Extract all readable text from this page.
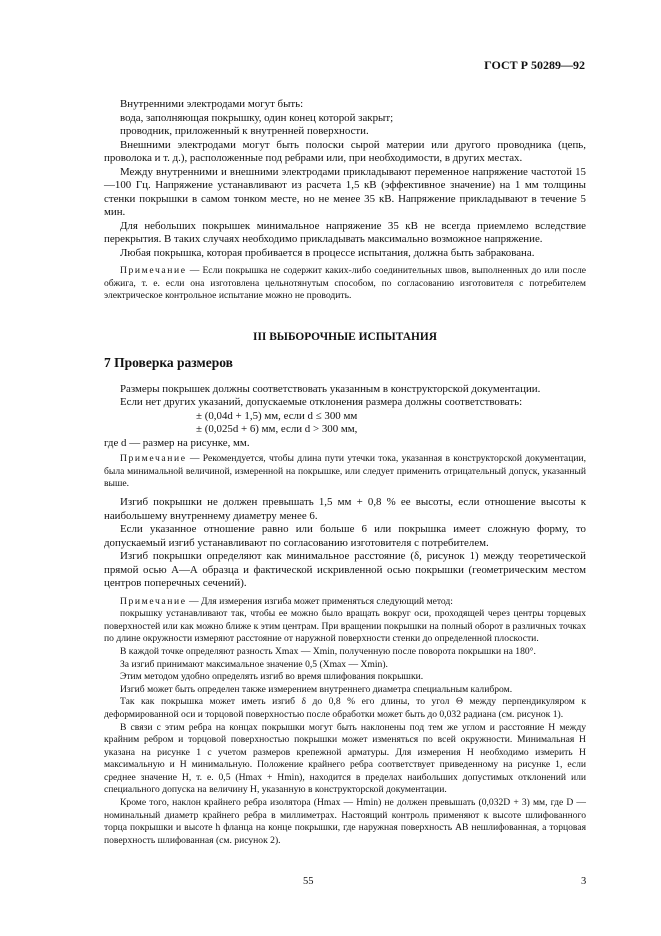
ГОСТ Р 50289—92

Внутренними электродами могут быть:

вода, заполняющая покрышку, один конец которой закрыт;

проводник, приложенный к внутренней поверхности.

Внешними электродами могут быть полоски сырой материи или другого проводника (цепь, проволока и т. д.), расположенные под ребрами или, при необходимости, в других местах.

Между внутренними и внешними электродами прикладывают переменное напряжение частотой 15—100 Гц. Напряжение устанавливают из расчета 1,5 кВ (эффективное значение) на 1 мм толщины стенки покрышки в самом тонком месте, но не менее 35 кВ. Напряжение прикладывают в течение 5 мин.

Для небольших покрышек минимальное напряжение 35 кВ не всегда приемлемо вследствие перекрытия. В таких случаях необходимо прикладывать максимально возможное напряжение.

Любая покрышка, которая пробивается в процессе испытания, должна быть забракована.

Примечание — Если покрышка не содержит каких-либо соединительных швов, выполненных до или после обжига, т. е. если она изготовлена цельнотянутым способом, по согласованию изготовителя с потребителем электрическое контрольное испытание можно не проводить.

III ВЫБОРОЧНЫЕ ИСПЫТАНИЯ
7 Проверка размеров

Размеры покрышек должны соответствовать указанным в конструкторской документации.

Если нет других указаний, допускаемые отклонения размера должны соответствовать:

± (0,04d + 1,5) мм, если d ≤ 300 мм

± (0,025d + 6) мм, если d > 300 мм,

где d — размер на рисунке, мм.

Примечание — Рекомендуется, чтобы длина пути утечки тока, указанная в конструкторской документации, была минимальной величиной, измеренной на покрышке, или следует применить отрицательный допуск, указанный выше.

Изгиб покрышки не должен превышать 1,5 мм + 0,8 % ее высоты, если отношение высоты к наибольшему внутреннему диаметру менее 6.

Если указанное отношение равно или больше 6 или покрышка имеет сложную форму, то допускаемый изгиб устанавливают по согласованию изготовителя с потребителем.

Изгиб покрышки определяют как минимальное расстояние (δ, рисунок 1) между теоретической прямой осью А—А образца и фактической искривленной осью покрышки (геометрическим местом центров поперечных сечений).

Примечание — Для измерения изгиба может применяться следующий метод:

покрышку устанавливают так, чтобы ее можно было вращать вокруг оси, проходящей через центры торцевых поверхностей или как можно ближе к этим центрам. При вращении покрышки на полный оборот в различных точках по длине окружности измеряют расстояние от наружной поверхности стенки до определенной плоскости.

В каждой точке определяют разность Xmax — Xmin, полученную после поворота покрышки на 180°.

За изгиб принимают максимальное значение 0,5 (Xmax — Xmin).

Этим методом удобно определять изгиб во время шлифования покрышки.

Изгиб может быть определен также измерением внутреннего диаметра специальным калибром.

Так как покрышка может иметь изгиб δ до 0,8 % его длины, то угол Θ между перпендикуляром к деформированной оси и торцовой поверхностью после обработки может быть до 0,032 радиана (см. рисунок 1).

В связи с этим ребра на концах покрышки могут быть наклонены под тем же углом и расстояние H между крайним ребром и торцовой поверхностью покрышки может изменяться по всей окружности. Минимальная H указана на рисунке 1 с учетом размеров крепежной арматуры. Для измерения H необходимо измерить H максимальную и H минимальную. Положение крайнего ребра соответствует приведенному на рисунке 1, если среднее значение H, т. е. 0,5 (Hmax + Hmin), находится в пределах наибольших допустимых отклонений или специального допуска на величину H, указанную в конструкторской документации.

Кроме того, наклон крайнего ребра изолятора (Hmax — Hmin) не должен превышать (0,032D + 3) мм, где D — номинальный диаметр крайнего ребра в миллиметрах. Настоящий контроль применяют к высоте шлифованного торца покрышки и высоте h фланца на конце покрышки, где наружная поверхность AB нешлифованная, а торцовая поверхность шлифованная (см. рисунок 2).

55	3
